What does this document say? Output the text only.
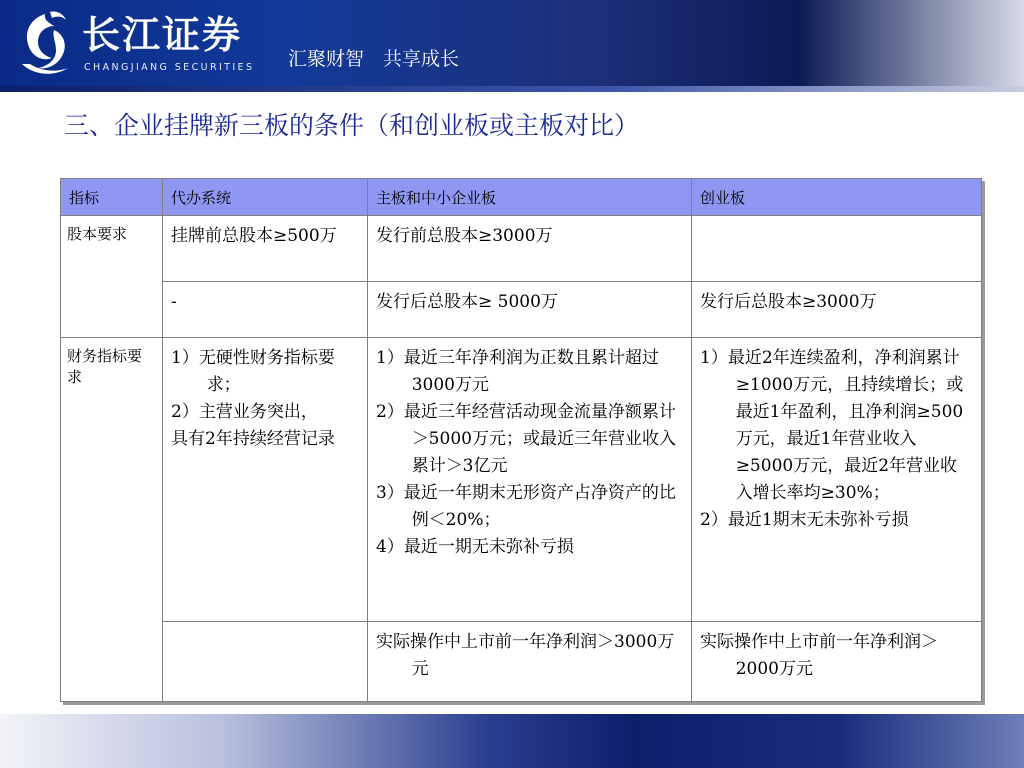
长江证券
CHANGJIANG SECURITIES 汇聚财智　共享成长
三、企业挂牌新三板的条件（和创业板或主板对比）
指标	代办系统	主板和中小企业板	创业板
股本要求	挂牌前总股本≥500万	发行前总股本≥3000万	

	-	发行后总股本≥ 5000万	发行后总股本≥3000万

财务指标要求	1）无硬性财务指标要求；
2）主营业务突出，
具有2年持续经营记录	1）最近三年净利润为正数且累计超过3000万元
2）最近三年经营活动现金流量净额累计＞5000万元；或最近三年营业收入累计＞3亿元
3）最近一年期末无形资产占净资产的比例＜20%；
4）最近一期无未弥补亏损	1）最近2年连续盈利，净利润累计≥1000万元，且持续增长；或最近1年盈利，且净利润≥500万元，最近1年营业收入≥5000万元，最近2年营业收入增长率均≥30%；
2）最近1期末无未弥补亏损

		实际操作中上市前一年净利润＞3000万元	实际操作中上市前一年净利润＞2000万元
